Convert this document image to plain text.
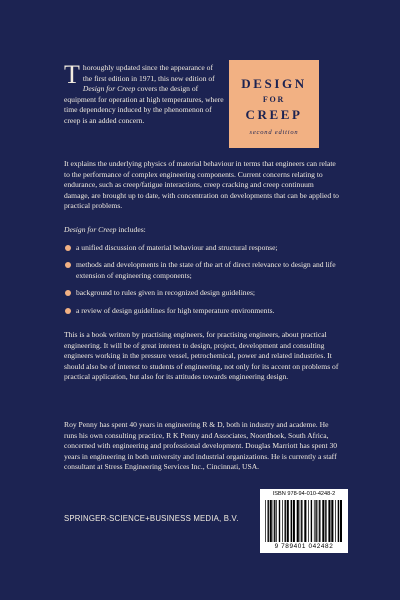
Thoroughly updated since the appearance of the first edition in 1971, this new edition of Design for Creep covers the design of equipment for operation at high temperatures, where time dependency induced by the phenomenon of creep is an added concern.
DESIGN
FOR
CREEP
second edition

It explains the underlying physics of material behaviour in terms that engineers can relate to the performance of complex engineering components. Current concerns relating to endurance, such as creep/fatigue interactions, creep cracking and creep continuum damage, are brought up to date, with concentration on developments that can be applied to practical problems.

Design for Creep includes:

a unified discussion of material behaviour and structural response;
methods and developments in the state of the art of direct relevance to design and life extension of engineering components;
background to rules given in recognized design guidelines;
a review of design guidelines for high temperature environments.

This is a book written by practising engineers, for practising engineers, about practical engineering. It will be of great interest to design, project, development and consulting engineers working in the pressure vessel, petrochemical, power and related industries. It should also be of interest to students of engineering, not only for its accent on problems of practical application, but also for its attitudes towards engineering design.

Roy Penny has spent 40 years in engineering R & D, both in industry and academe. He runs his own consulting practice, R K Penny and Associates, Noordhoek, South Africa, concerned with engineering and professional development. Douglas Marriott has spent 30 years in engineering in both university and industrial organizations. He is currently a staff consultant at Stress Engineering Services Inc., Cincinnati, USA.

SPRINGER-SCIENCE+BUSINESS MEDIA, B.V.
ISBN 978-94-010-4248-2
9 789401 042482
